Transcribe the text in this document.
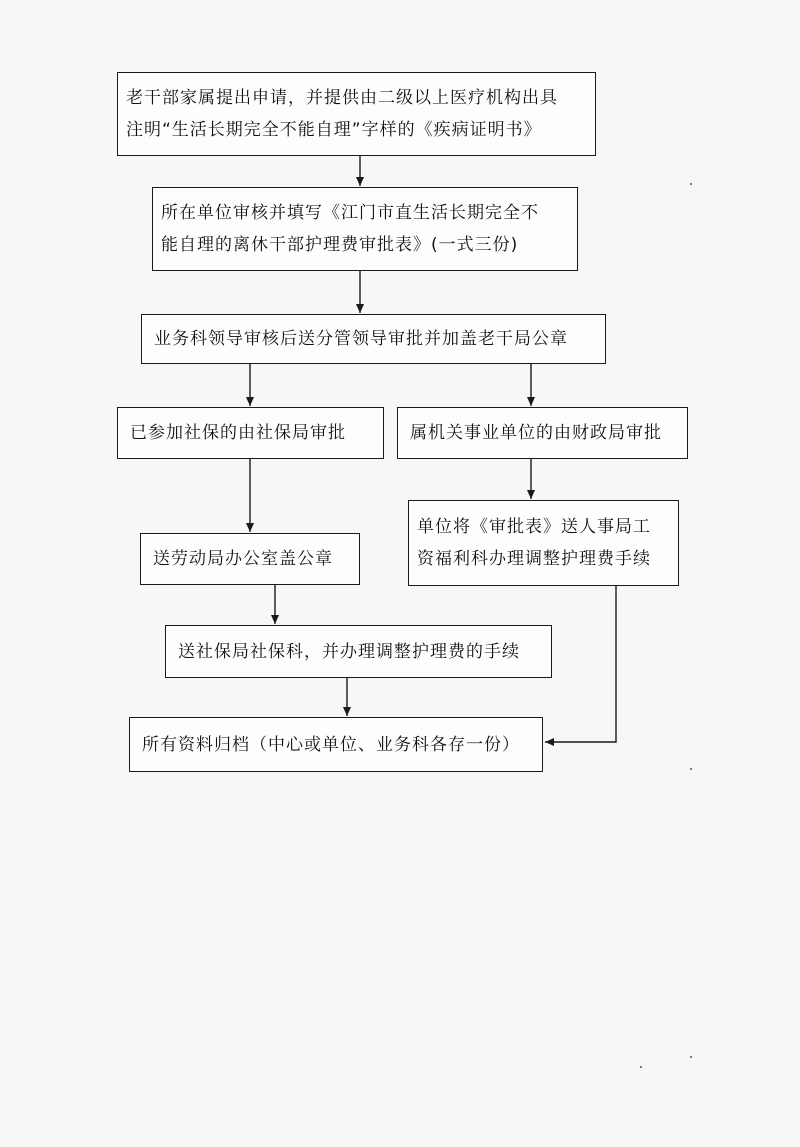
老干部家属提出申请，并提供由二级以上医疗机构出具
注明“生活长期完全不能自理”字样的《疾病证明书》
所在单位审核并填写《江门市直生活长期完全不
能自理的离休干部护理费审批表》(一式三份)
业务科领导审核后送分管领导审批并加盖老干局公章
已参加社保的由社保局审批	属机关事业单位的由财政局审批
送劳动局办公室盖公章
单位将《审批表》送人事局工
资福利科办理调整护理费手续
送社保局社保科，并办理调整护理费的手续
所有资料归档（中心或单位、业务科各存一份）
